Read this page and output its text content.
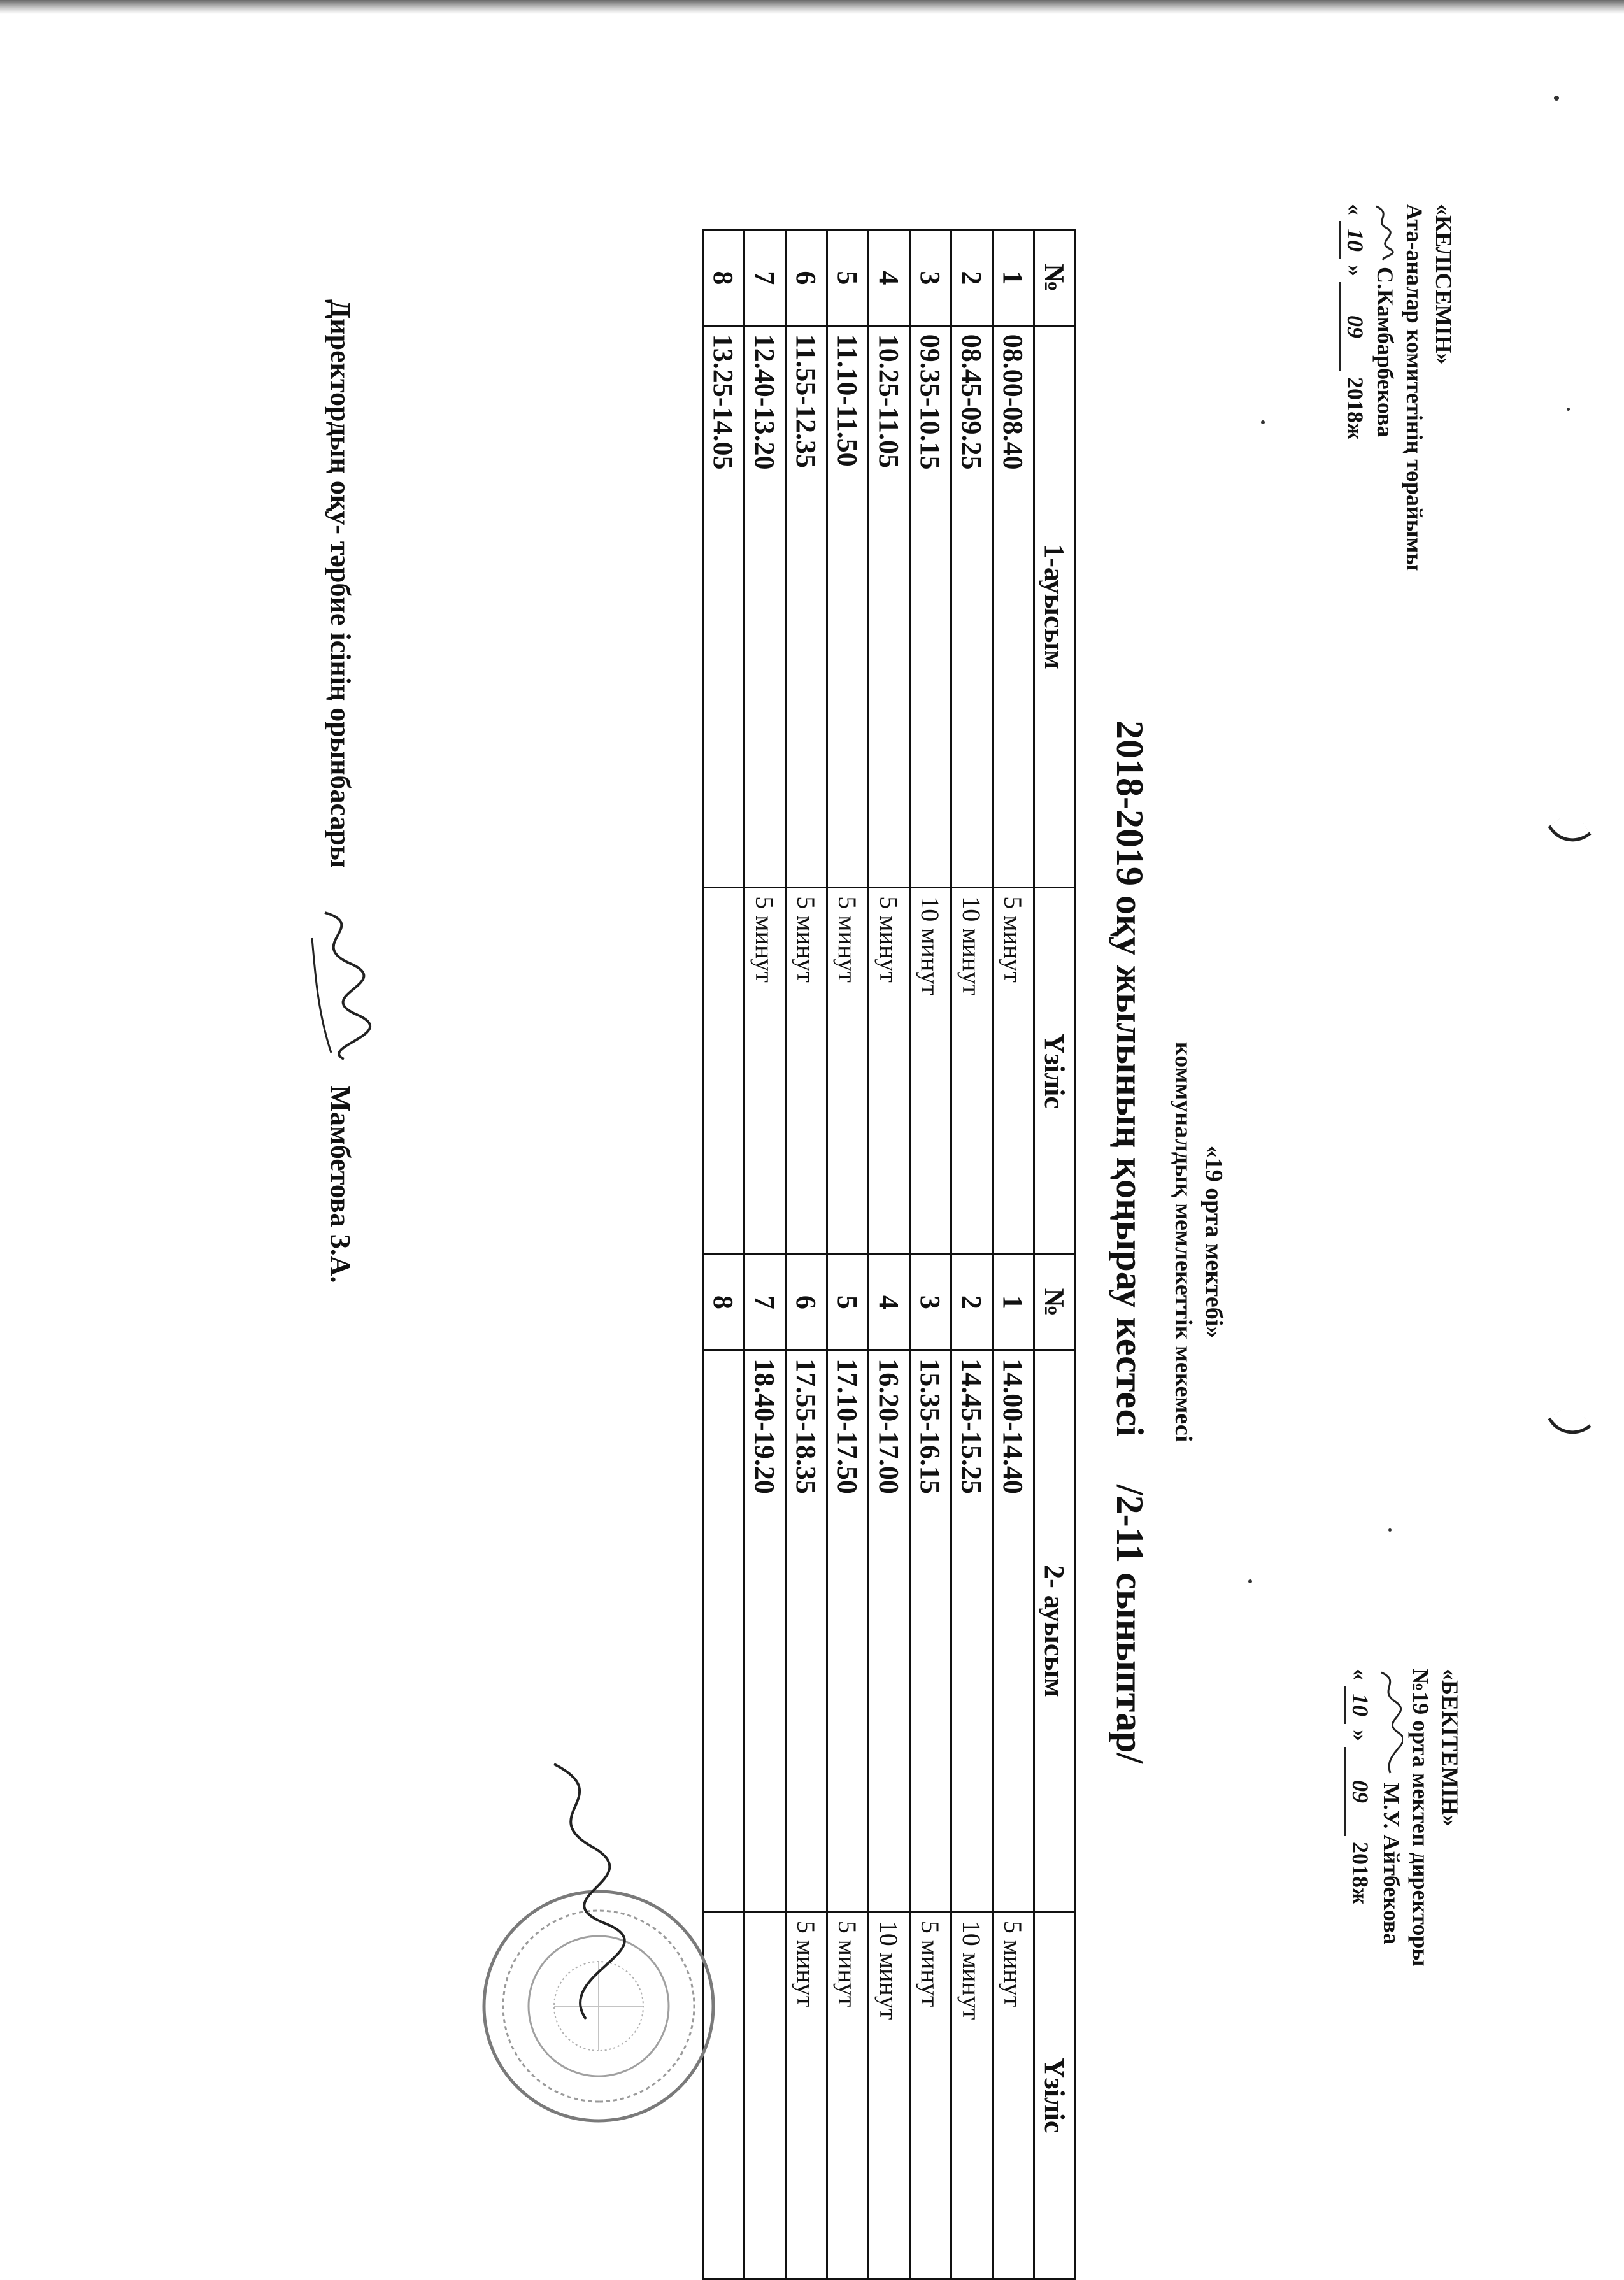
«КЕЛІСЕМІН»
Ата-аналар комитетінің төрайымы
С.Камбарбекова
« 10 » 09 2018ж
«БЕКІТЕМІН»
№19 орта мектеп директоры
М.У. Айтбекова
« 10 » 09 2018ж
«19 орта мектебі»
коммуналдық мемлекеттік мекемесі
2018-2019 оқу жылының қоңырау кестесі /2-11 сыныптар/
№	1-ауысым	Үзіліс	№	2- ауысым	Үзіліс
1	08.00-08.40	5 минут	1	14.00-14.40	5 минут
2	08.45-09.25	10 минут	2	14.45-15.25	10 минут
3	09.35-10.15	10 минут	3	15.35-16.15	5 минут
4	10.25-11.05	5 минут	4	16.20-17.00	10 минут
5	11.10-11.50	5 минут	5	17.10-17.50	5 минут
6	11.55-12.35	5 минут	6	17.55-18.35	5 минут
7	12.40-13.20	5 минут	7	18.40-19.20	
8	13.25-14.05		8		
Директордың оқу- тәрбие ісінің орынбасары  Мамбетова З.А.
